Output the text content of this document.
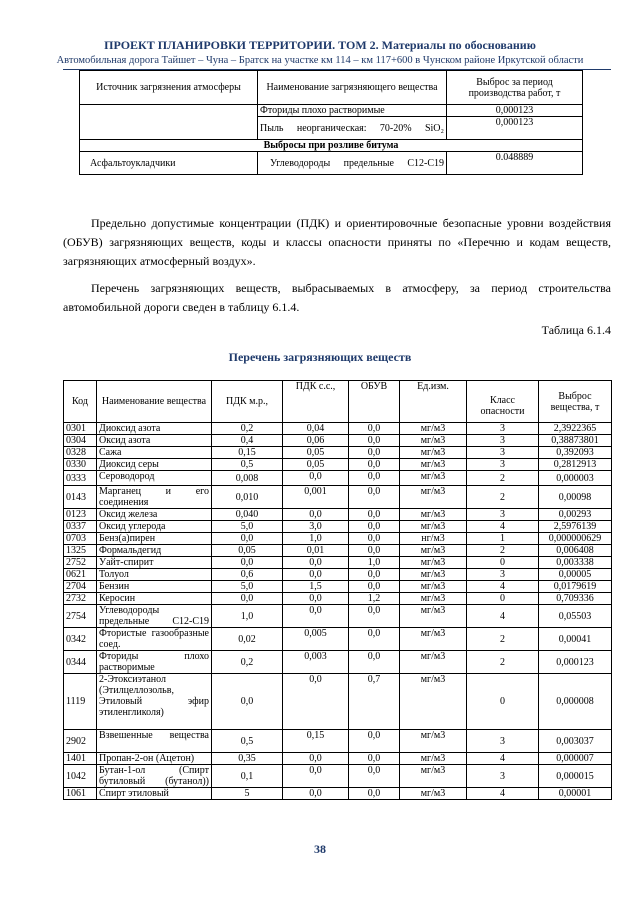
ПРОЕКТ ПЛАНИРОВКИ ТЕРРИТОРИИ. ТОМ 2. Материалы по обоснованию
Автомобильная дорога Тайшет – Чуна – Братск на участке км 114 – км 117+600 в Чунском районе Иркутской области
Источник загрязнения атмосферы	Наименование загрязняющего вещества	Выброс за период производства работ, т
	Фториды плохо растворимые	0,000123
	Пыль неорганическая: 70-20% SiO₂	0,000123
Выбросы при розливе битума		
Асфальтоукладчики	Углеводороды предельные С12-С19	0.048889
Предельно допустимые концентрации (ПДК) и ориентировочные безопасные уровни воздействия (ОБУВ) загрязняющих веществ, коды и классы опасности приняты по «Перечню и кодам веществ, загрязняющих атмосферный воздух».
Перечень загрязняющих веществ, выбрасываемых в атмосферу, за период строительства автомобильной дороги сведен в таблицу 6.1.4.
Таблица 6.1.4
Перечень загрязняющих веществ
Код	Наименование вещества	ПДК м.р.,	ПДК с.с.,	ОБУВ	Ед.изм.	Класс опасности	Выброс вещества, т
0301	Диоксид азота	0,2	0,04	0,0	мг/м3	3	2,3922365
0304	Оксид азота	0,4	0,06	0,0	мг/м3	3	0,38873801
0328	Сажа	0,15	0,05	0,0	мг/м3	3	0,392093
0330	Диоксид серы	0,5	0,05	0,0	мг/м3	3	0,2812913
0333	Сероводород	0,008	0,0	0,0	мг/м3	2	0,000003
0143	Марганец и его соединения	0,010	0,001	0,0	мг/м3	2	0,00098
0123	Оксид железа	0,040	0,0	0,0	мг/м3	3	0,00293
0337	Оксид углерода	5,0	3,0	0,0	мг/м3	4	2,5976139
0703	Бенз(а)пирен	0,0	1,0	0,0	нг/м3	1	0,000000629
1325	Формальдегид	0,05	0,01	0,0	мг/м3	2	0,006408
2752	Уайт-спирит	0,0	0,0	1,0	мг/м3	0	0,003338
0621	Толуол	0,6	0,0	0,0	мг/м3	3	0,00005
2704	Бензин	5,0	1,5	0,0	мг/м3	4	0,0179619
2732	Керосин	0,0	0,0	1,2	мг/м3	0	0,709336
2754	Углеводороды предельные С12-С19	1,0	0,0	0,0	мг/м3	4	0,05503
0342	Фтористые газообразные соед.	0,02	0,005	0,0	мг/м3	2	0,00041
0344	Фториды плохо растворимые	0,2	0,003	0,0	мг/м3	2	0,000123
1119	2-Этоксиэтанол (Этилцеллозольв, Этиловый эфир этиленгликоля)	0,0	0,0	0,7	мг/м3	0	0,000008
2902	Взвешенные вещества	0,5	0,15	0,0	мг/м3	3	0,003037
1401	Пропан-2-он (Ацетон)	0,35	0,0	0,0	мг/м3	4	0,000007
1042	Бутан-1-ол (Спирт бутиловый (бутанол))	0,1	0,0	0,0	мг/м3	3	0,000015
1061	Спирт этиловый	5	0,0	0,0	мг/м3	4	0,00001
38
